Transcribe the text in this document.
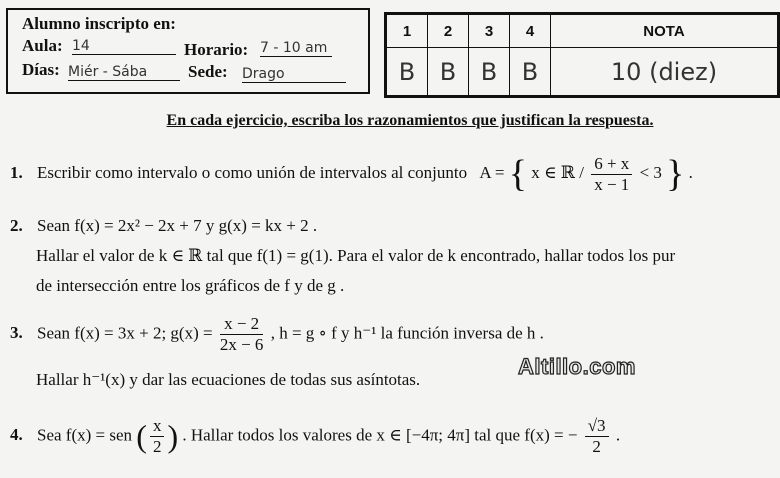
Alumno inscripto en:
Aula: 14	Horario: 7 - 10 am
Días: Miér - Sába	Sede: Drago
1	2	3	4	NOTA
B	B	B	B	10 (diez)
En cada ejercicio, escriba los razonamientos que justifican la respuesta.
1. Escribir como intervalo o como unión de intervalos al conjunto A = { x ∈ ℝ / $\frac{6 + x}{x - 1} < 3$ } .
2. Sean f(x) = 2x² − 2x + 7 y g(x) = kx + 2 .
Hallar el valor de k ∈ ℝ tal que f(1) = g(1). Para el valor de k encontrado, hallar todos los pur
de intersección entre los gráficos de f y de g .
3. Sean f(x) = 3x + 2; $g(x) = \frac{x - 2}{2x - 6}$ , h = g ∘ f y h⁻¹ la función inversa de h .
Hallar h⁻¹(x) y dar las ecuaciones de todas sus asíntotas.
Altillo.com
4. Sea f(x) = sen ( $\frac{x}{2}$ ) . Hallar todos los valores de x ∈ [−4π; 4π] tal que f(x) = − $\frac{√3}{2}$ .
